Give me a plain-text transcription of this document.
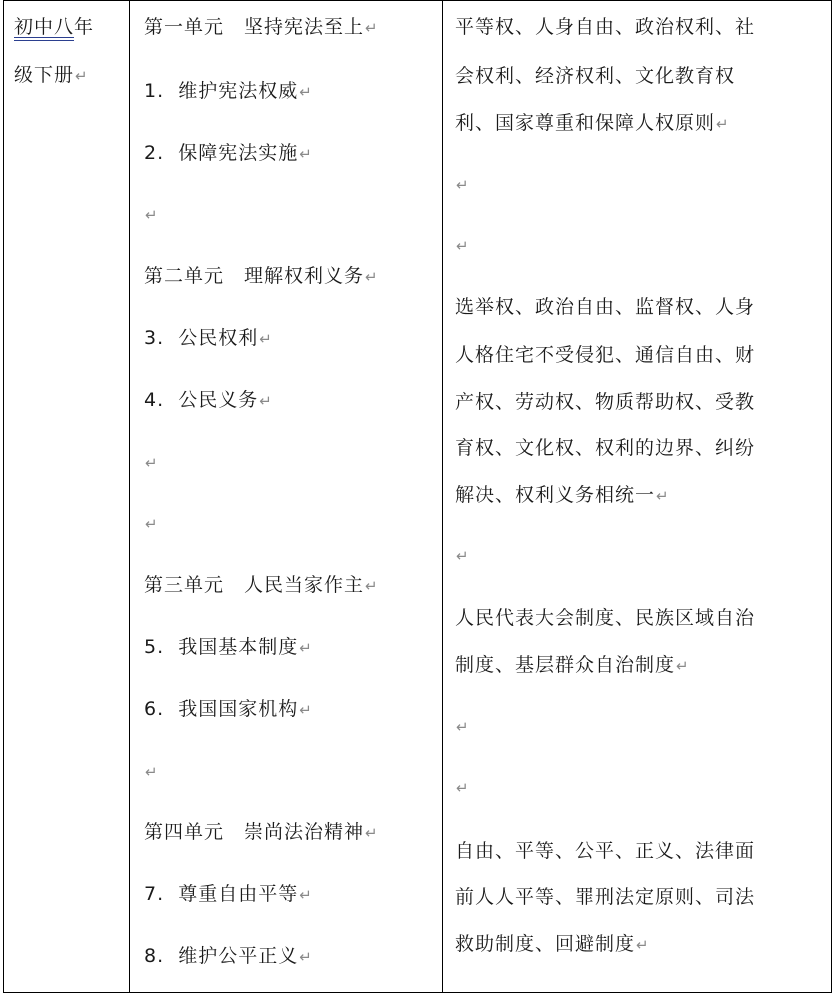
初中八年
级下册↵
第一单元　坚持宪法至上↵
1. 维护宪法权威↵
2. 保障宪法实施↵
↵
第二单元　理解权利义务↵
3. 公民权利↵
4. 公民义务↵
↵
↵
第三单元　人民当家作主↵
5. 我国基本制度↵
6. 我国国家机构↵
↵
第四单元　崇尚法治精神↵
7. 尊重自由平等↵
8. 维护公平正义↵
平等权、人身自由、政治权利、社
会权利、经济权利、文化教育权
利、国家尊重和保障人权原则↵
↵
↵
选举权、政治自由、监督权、人身
人格住宅不受侵犯、通信自由、财
产权、劳动权、物质帮助权、受教
育权、文化权、权利的边界、纠纷
解决、权利义务相统一↵
↵
人民代表大会制度、民族区域自治
制度、基层群众自治制度↵
↵
↵
自由、平等、公平、正义、法律面
前人人平等、罪刑法定原则、司法
救助制度、回避制度↵
